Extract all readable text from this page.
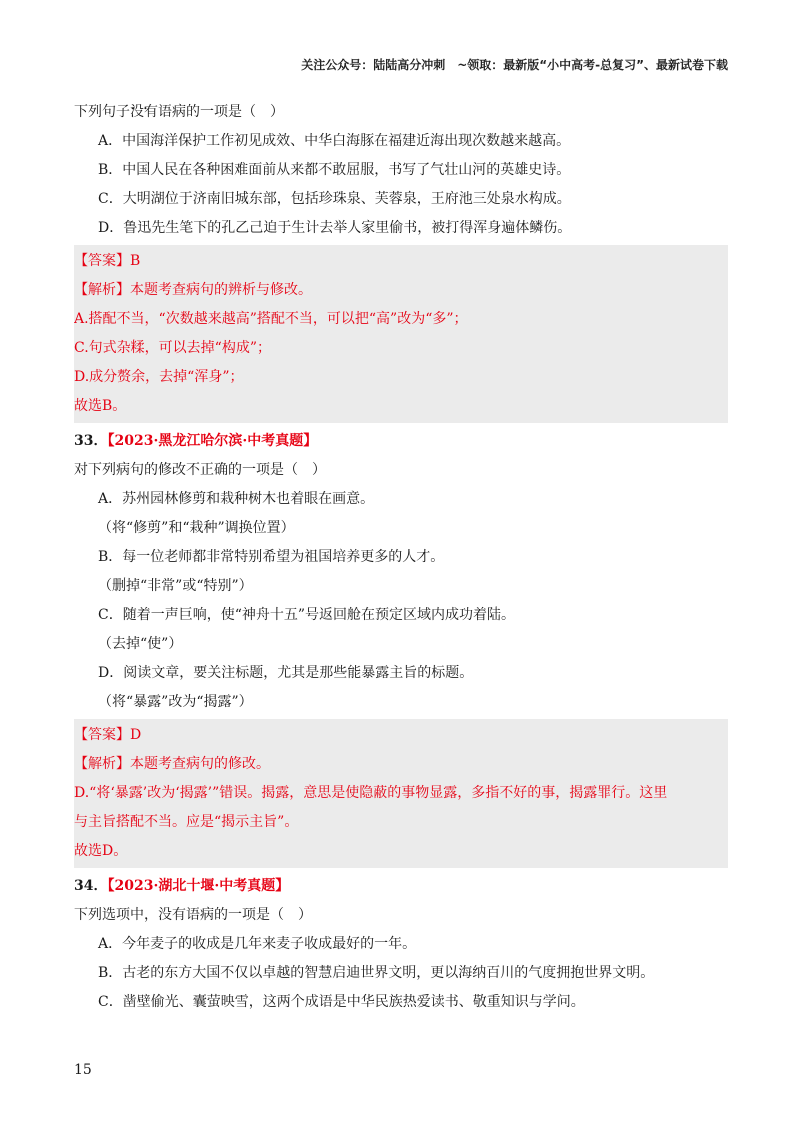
关注公众号：陆陆高分冲刺　~领取：最新版“小中高考-总复习”、最新试卷下载
下列句子• • 没有语病的一项是（　）
A．中国海洋保护工作初见成效、中华白海豚在福建近海出现次数越来越高。
B．中国人民在各种困难面前从来都不敢屈服，书写了气壮山河的英雄史诗。
C．大明湖位于济南旧城东部，包括珍珠泉、芙蓉泉，王府池三处泉水构成。
D．鲁迅先生笔下的孔乙己迫于生计去举人家里偷书，被打得浑身遍体鳞伤。
【答案】B
【解析】本题考查病句的辨析与修改。
A.搭配不当，“次数越来越高”搭配不当，可以把“高”改为“多”；
C.句式杂糅，可以去掉“构成”；
D.成分赘余，去掉“浑身”；
故选B。
33．【2023·黑龙江哈尔滨·中考真题】
对下列病句的修改不正确的一项是（　）
A．苏州园林修剪和栽种树木也着眼在画意。
（将“修剪”和“栽种”调换位置）
B．每一位老师都非常特别希望为祖国培养更多的人才。
（删掉“非常”或“特别”）
C．随着一声巨响，使“神舟十五”号返回舱在预定区域内成功着陆。
（去掉“使”）
D．阅读文章，要关注标题，尤其是那些能暴露主旨的标题。
（将“暴露”改为“揭露”）
【答案】D
【解析】本题考查病句的修改。
D.“将‘暴露’改为‘揭露’”错误。揭露，意思是使隐蔽的事物显露，多指不好的事，揭露罪行。这里
与主旨搭配不当。应是“揭示主旨”。
故选D。
34．【2023·湖北十堰·中考真题】
下列选项中，没有语病的一项是（　）
A．今年麦子的收成是几年来麦子收成最好的一年。
B．古老的东方大国不仅以卓越的智慧启迪世界文明，更以海纳百川的气度拥抱世界文明。
C．凿壁偷光、囊萤映雪，这两个成语是中华民族热爱读书、敬重知识与学问。
15
